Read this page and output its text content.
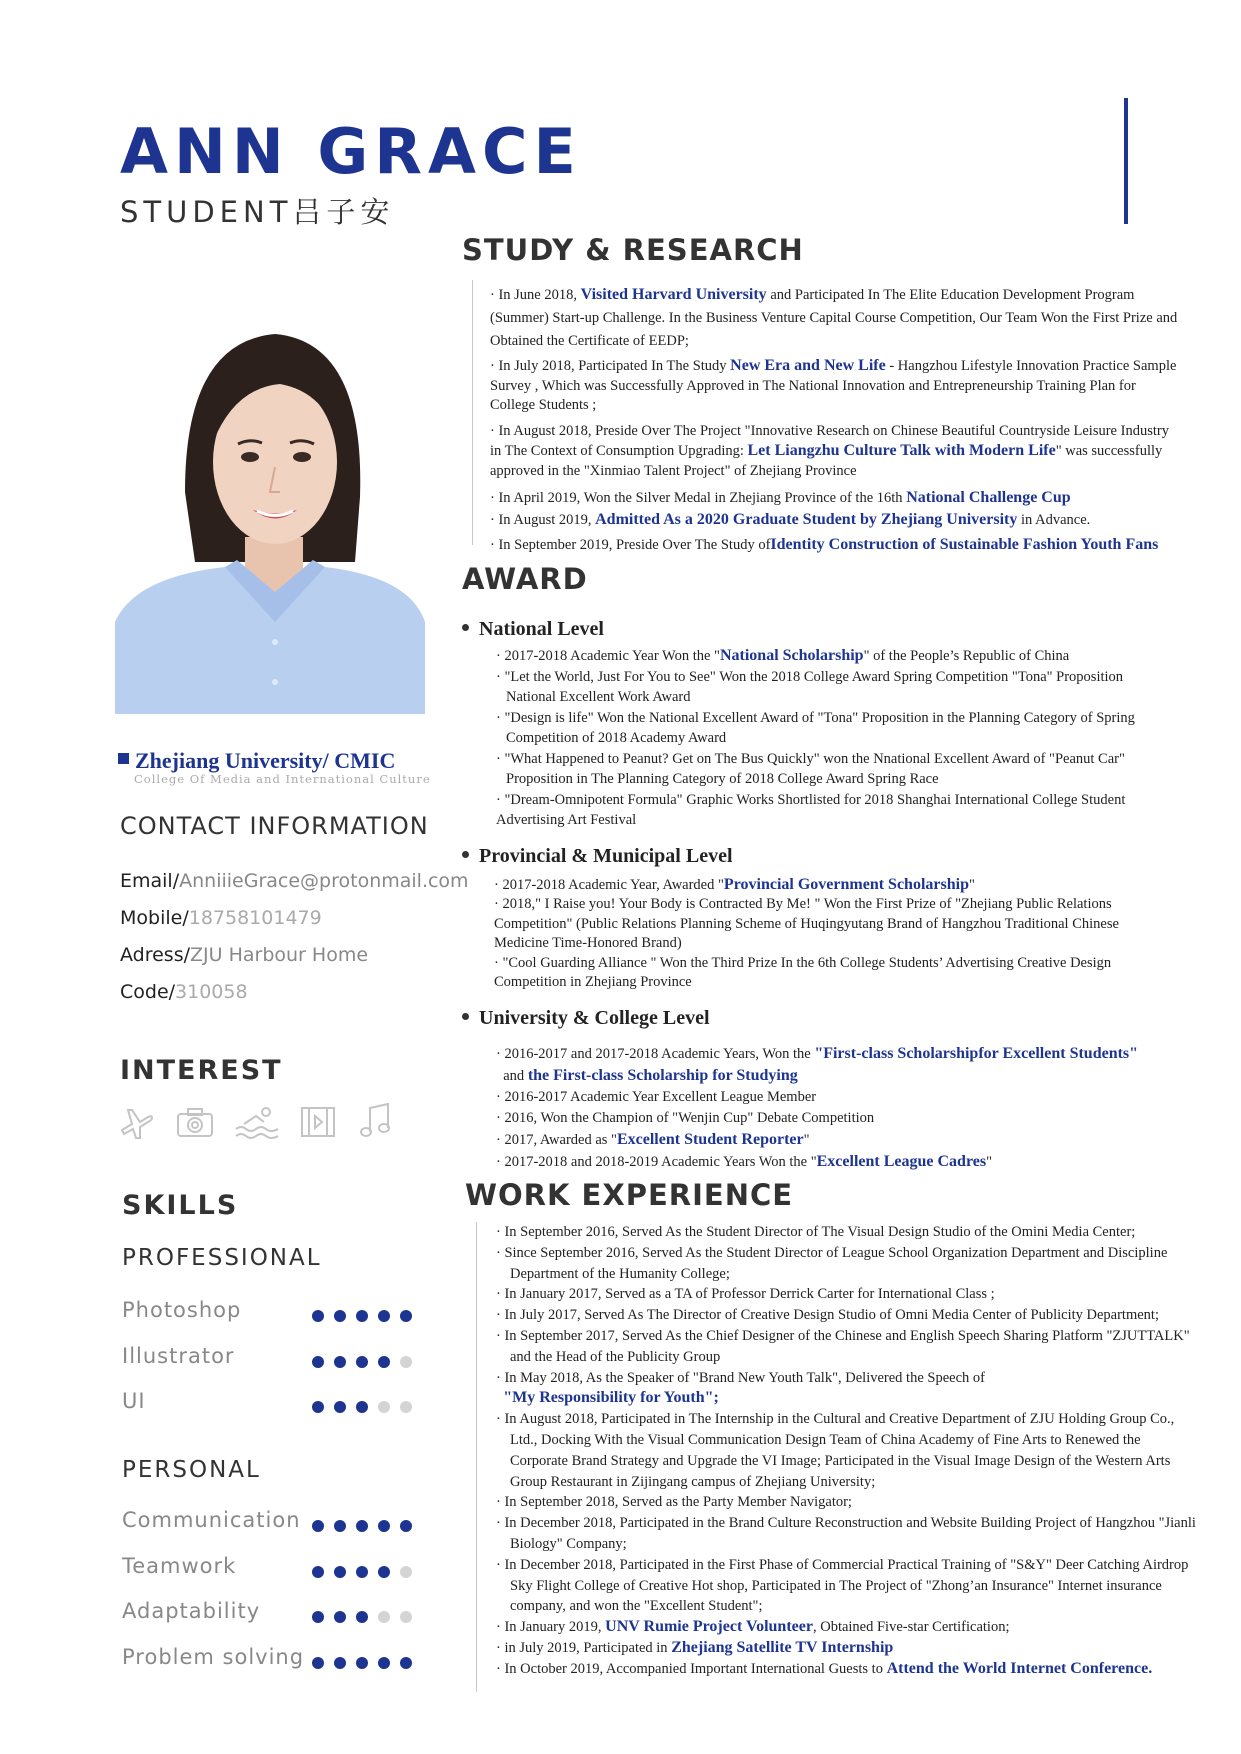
ANN GRACE
STUDENT吕子安
Zhejiang University/ CMIC
College Of Media and International Culture
CONTACT INFORMATION
Email/AnniiieGrace@protonmail.com
Mobile/18758101479
Adress/ZJU Harbour Home
Code/310058
INTEREST

SKILLS
PROFESSIONAL
Photoshop
Illustrator
UI
PERSONAL
Communication
Teamwork
Adaptability
Problem solving
STUDY & RESEARCH
· In June 2018, Visited Harvard University and Participated In The Elite Education Development Program (Summer) Start-up Challenge. In the Business Venture Capital Course Competition, Our Team Won the First Prize and Obtained the Certificate of EEDP;
· In July 2018, Participated In The Study New Era and New Life - Hangzhou Lifestyle Innovation Practice Sample Survey , Which was Successfully Approved in The National Innovation and Entrepreneurship Training Plan for College Students ;
· In August 2018, Preside Over The Project "Innovative Research on Chinese Beautiful Countryside Leisure Industry in The Context of Consumption Upgrading: Let Liangzhu Culture Talk with Modern Life" was successfully approved in the "Xinmiao Talent Project" of Zhejiang Province
· In April 2019, Won the Silver Medal in Zhejiang Province of the 16th National Challenge Cup
· In August 2019, Admitted As a 2020 Graduate Student by Zhejiang University in Advance.
· In September 2019, Preside Over The Study ofIdentity Construction of Sustainable Fashion Youth Fans
AWARD
National Level
· 2017-2018 Academic Year Won the "National Scholarship" of the People’s Republic of China
· "Let the World, Just For You to See" Won the 2018 College Award Spring Competition "Tona" Proposition National Excellent Work Award
· "Design is life" Won the National Excellent Award of "Tona" Proposition in the Planning Category of Spring Competition of 2018 Academy Award
· "What Happened to Peanut? Get on The Bus Quickly" won the Nnational Excellent Award of "Peanut Car" Proposition in The Planning Category of 2018 College Award Spring Race
· "Dream-Omnipotent Formula" Graphic Works Shortlisted for 2018 Shanghai International College Student Advertising Art Festival
Provincial & Municipal Level
· 2017-2018 Academic Year, Awarded "Provincial Government Scholarship"
· 2018," I Raise you! Your Body is Contracted By Me! " Won the First Prize of "Zhejiang Public Relations Competition" (Public Relations Planning Scheme of Huqingyutang Brand of Hangzhou Traditional Chinese Medicine Time-Honored Brand)
· "Cool Guarding Alliance " Won the Third Prize In the 6th College Students’ Advertising Creative Design Competition in Zhejiang Province
University & College Level
· 2016-2017 and 2017-2018 Academic Years, Won the "First-class Scholarshipfor Excellent Students"
and the First-class Scholarship for Studying
· 2016-2017 Academic Year Excellent League Member
· 2016, Won the Champion of "Wenjin Cup" Debate Competition
· 2017, Awarded as "Excellent Student Reporter"
· 2017-2018 and 2018-2019 Academic Years Won the "Excellent League Cadres"
WORK EXPERIENCE
· In September 2016, Served As the Student Director of The Visual Design Studio of the Omini Media Center;
· Since September 2016, Served As the Student Director of League School Organization Department and Discipline Department of the Humanity College;
· In January 2017, Served as a TA of Professor Derrick Carter for International Class ;
· In July 2017, Served As The Director of Creative Design Studio of Omni Media Center of Publicity Department;
· In September 2017, Served As the Chief Designer of the Chinese and English Speech Sharing Platform "ZJUTTALK" and the Head of the Publicity Group
· In May 2018, As the Speaker of "Brand New Youth Talk", Delivered the Speech of
"My Responsibility for Youth";
· In August 2018, Participated in The Internship in the Cultural and Creative Department of ZJU Holding Group Co., Ltd., Docking With the Visual Communication Design Team of China Academy of Fine Arts to Renewed the Corporate Brand Strategy and Upgrade the VI Image; Participated in the Visual Image Design of the Western Arts Group Restaurant in Zijingang campus of Zhejiang University;
· In September 2018, Served as the Party Member Navigator;
· In December 2018, Participated in the Brand Culture Reconstruction and Website Building Project of Hangzhou "Jianli Biology" Company;
· In December 2018, Participated in the First Phase of Commercial Practical Training of "S&Y" Deer Catching Airdrop Sky Flight College of Creative Hot shop, Participated in The Project of "Zhong’an Insurance" Internet insurance company, and won the "Excellent Student";
· In January 2019, UNV Rumie Project Volunteer, Obtained Five-star Certification;
· in July 2019, Participated in Zhejiang Satellite TV Internship
· In October 2019, Accompanied Important International Guests to Attend the World Internet Conference.
